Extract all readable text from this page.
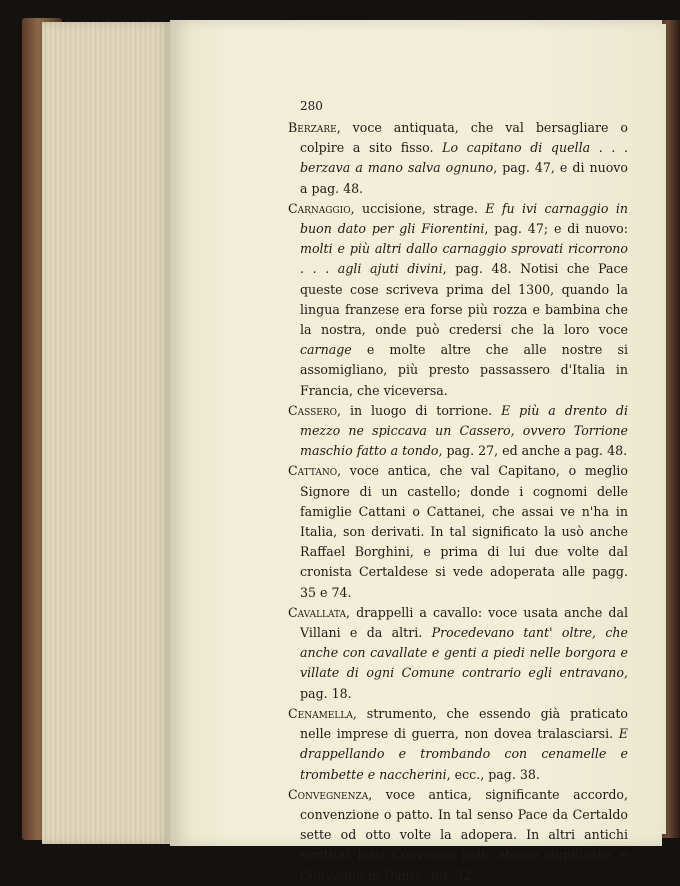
280

Berzare, voce antiquata, che val bersagliare o colpire a sito fisso. Lo capitano di quella . . . berzava a mano salva ognuno, pag. 47, e di nuovo a pag. 48.

Carnaggio, uccisione, strage. E fu ivi carnaggio in buon dato per gli Fiorentini, pag. 47; e di nuovo: molti e più altri dallo carnaggio sprovati ricorrono . . . agli ajuti divini, pag. 48. Notisi che Pace queste cose scriveva prima del 1300, quando la lingua franzese era forse più rozza e bambina che la nostra, onde può credersi che la loro voce carnage e molte altre che alle nostre si assomigliano, più presto passassero d'Italia in Francia, che viceversa.

Cassero, in luogo di torrione. E più a drento di mezzo ne spiccava un Cassero, ovvero Torrione maschio fatto a tondo, pag. 27, ed anche a pag. 48.

Cattano, voce antica, che val Capitano, o meglio Signore di un castello; donde i cognomi delle famiglie Cattani o Cattanei, che assai ve n'ha in Italia, son derivati. In tal significato la usò anche Raffael Borghini, e prima di lui due volte dal cronista Certaldese si vede adoperata alle pagg. 35 e 74.

Cavallata, drappelli a cavallo: voce usata anche dal Villani e da altri. Procedevano tant' oltre, che anche con cavallate e genti a piedi nelle borgora e villate di ogni Comune contrario egli entravano, pag. 18.

Cenamella, strumento, che essendo già praticato nelle imprese di guerra, non dovea tralasciarsi. E drappellando e trombando con cenamelle e trombette e naccherini, ecc., pag. 38.

Convegnenza, voce antica, significante accordo, convenzione o patto. In tal senso Pace da Certaldo sette od otto volte la adopera. In altri antichi scrittori lessi Convegna nello stesso significato, e Convegno in Dante, Inf. 32.
